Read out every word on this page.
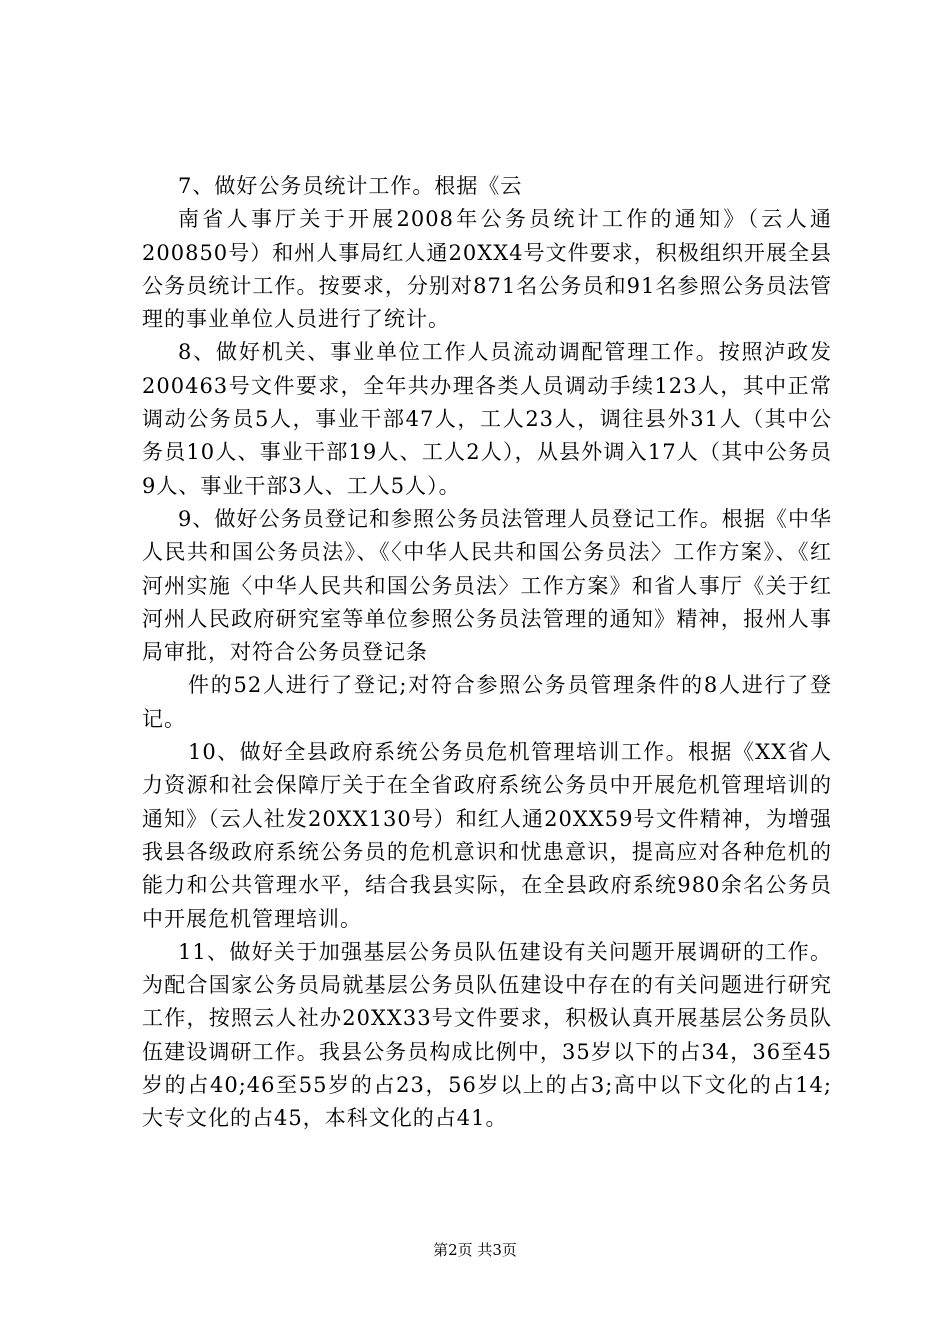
7、做好公务员统计工作。根据《云

南省人事厅关于开展2008年公务员统计工作的通知》（云人通200850号）和州人事局红人通20XX4号文件要求，积极组织开展全县公务员统计工作。按要求，分别对871名公务员和91名参照公务员法管理的事业单位人员进行了统计。

8、做好机关、事业单位工作人员流动调配管理工作。按照泸政发200463号文件要求，全年共办理各类人员调动手续123人，其中正常调动公务员5人，事业干部47人，工人23人，调往县外31人（其中公务员10人、事业干部19人、工人2人），从县外调入17人（其中公务员9人、事业干部3人、工人5人）。

9、做好公务员登记和参照公务员法管理人员登记工作。根据《中华人民共和国公务员法》、《〈中华人民共和国公务员法〉工作方案》、《红河州实施〈中华人民共和国公务员法〉工作方案》和省人事厅《关于红河州人民政府研究室等单位参照公务员法管理的通知》精神，报州人事局审批，对符合公务员登记条

件的52人进行了登记;对符合参照公务员管理条件的8人进行了登记。

10、做好全县政府系统公务员危机管理培训工作。根据《XX省人力资源和社会保障厅关于在全省政府系统公务员中开展危机管理培训的通知》（云人社发20XX130号）和红人通20XX59号文件精神，为增强我县各级政府系统公务员的危机意识和忧患意识，提高应对各种危机的能力和公共管理水平，结合我县实际，在全县政府系统980余名公务员中开展危机管理培训。

11、做好关于加强基层公务员队伍建设有关问题开展调研的工作。为配合国家公务员局就基层公务员队伍建设中存在的有关问题进行研究工作，按照云人社办20XX33号文件要求，积极认真开展基层公务员队伍建设调研工作。我县公务员构成比例中，35岁以下的占34，36至45岁的占40;46至55岁的占23，56岁以上的占3;高中以下文化的占14;大专文化的占45，本科文化的占41。

第2页 共3页
